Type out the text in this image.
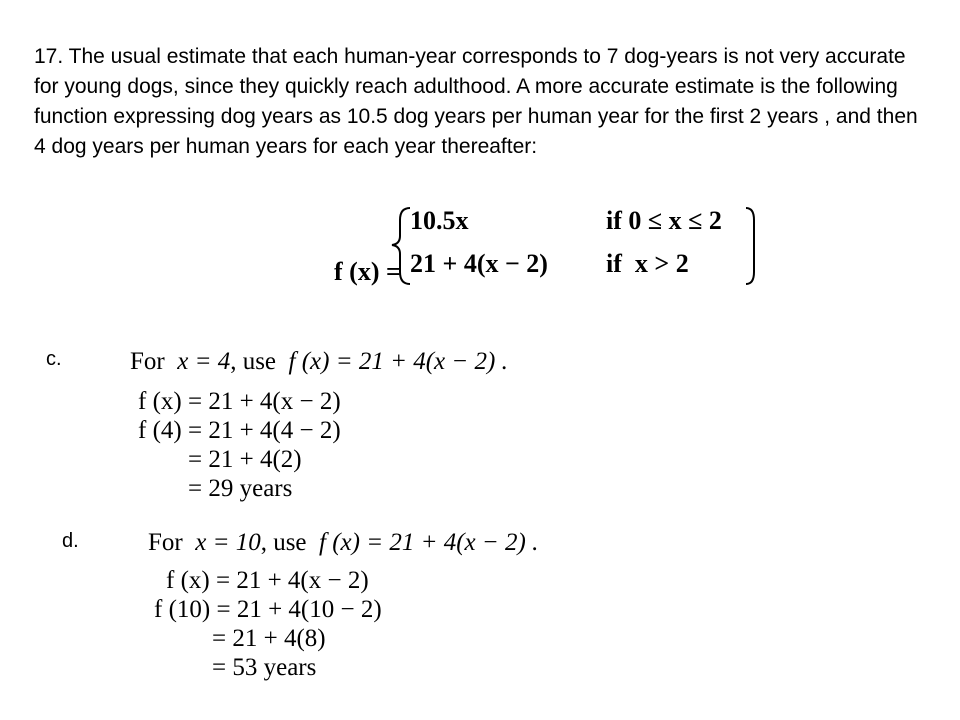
17. The usual estimate that each human-year corresponds to 7 dog-years is not very accurate for young dogs, since they quickly reach adulthood. A more accurate estimate is the following function expressing dog years as 10.5 dog years per human year for the first 2 years , and then 4 dog years per human years for each year thereafter:

f (x) =

10.5x	if 0 ≤ x ≤ 2
21 + 4(x − 2) if  x > 2
c.	For x = 4, use f (x) = 21 + 4(x − 2) .
f (x) = 21 + 4(x − 2)
f (4) = 21 + 4(4 − 2)
= 21 + 4(2)
= 29 years
d.	For x = 10, use f (x) = 21 + 4(x − 2) .
f (x) = 21 + 4(x − 2)
f (10) = 21 + 4(10 − 2)
= 21 + 4(8)
= 53 years
